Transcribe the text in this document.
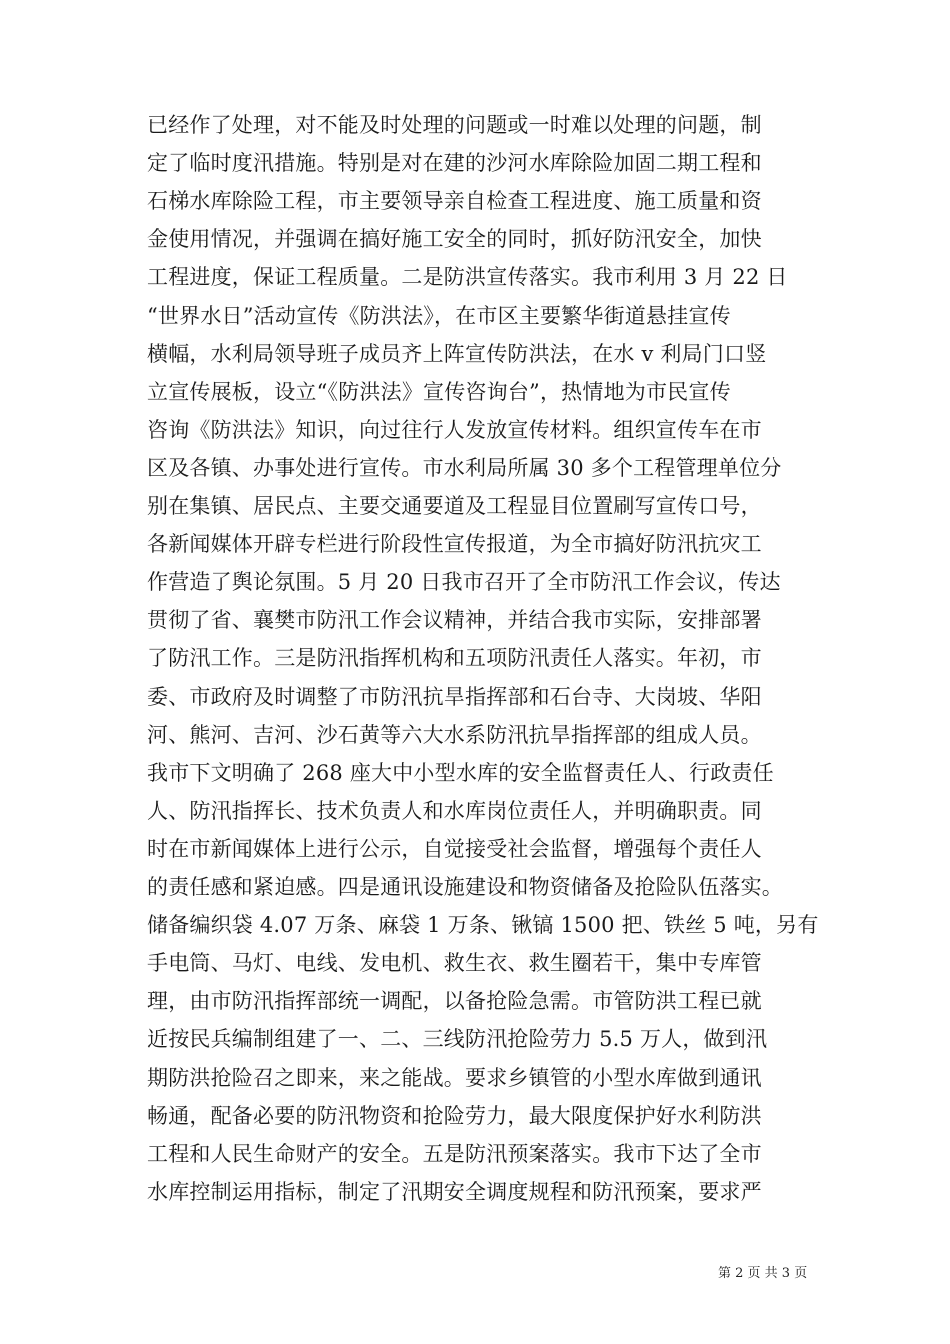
已经作了处理，对不能及时处理的问题或一时难以处理的问题，制
定了临时度汛措施。特别是对在建的沙河水库除险加固二期工程和
石梯水库除险工程，市主要领导亲自检查工程进度、施工质量和资
金使用情况，并强调在搞好施工安全的同时，抓好防汛安全，加快
工程进度，保证工程质量。二是防洪宣传落实。我市利用 3 月 22 日
“世界水日”活动宣传《防洪法》，在市区主要繁华街道悬挂宣传
横幅，水利局领导班子成员齐上阵宣传防洪法，在水 v 利局门口竖
立宣传展板，设立“《防洪法》宣传咨询台”，热情地为市民宣传
咨询《防洪法》知识，向过往行人发放宣传材料。组织宣传车在市
区及各镇、办事处进行宣传。市水利局所属 30 多个工程管理单位分
别在集镇、居民点、主要交通要道及工程显目位置刷写宣传口号，
各新闻媒体开辟专栏进行阶段性宣传报道，为全市搞好防汛抗灾工
作营造了舆论氛围。5 月 20 日我市召开了全市防汛工作会议，传达
贯彻了省、襄樊市防汛工作会议精神，并结合我市实际，安排部署
了防汛工作。三是防汛指挥机构和五项防汛责任人落实。年初，市
委、市政府及时调整了市防汛抗旱指挥部和石台寺、大岗坡、华阳
河、熊河、吉河、沙石黄等六大水系防汛抗旱指挥部的组成人员。
我市下文明确了 268 座大中小型水库的安全监督责任人、行政责任
人、防汛指挥长、技术负责人和水库岗位责任人，并明确职责。同
时在市新闻媒体上进行公示，自觉接受社会监督，增强每个责任人
的责任感和紧迫感。四是通讯设施建设和物资储备及抢险队伍落实。
储备编织袋 4.07 万条、麻袋 1 万条、锹镐 1500 把、铁丝 5 吨，另有
手电筒、马灯、电线、发电机、救生衣、救生圈若干，集中专库管
理，由市防汛指挥部统一调配，以备抢险急需。市管防洪工程已就
近按民兵编制组建了一、二、三线防汛抢险劳力 5.5 万人，做到汛
期防洪抢险召之即来，来之能战。要求乡镇管的小型水库做到通讯
畅通，配备必要的防汛物资和抢险劳力，最大限度保护好水利防洪
工程和人民生命财产的安全。五是防汛预案落实。我市下达了全市
水库控制运用指标，制定了汛期安全调度规程和防汛预案，要求严
第 2 页 共 3 页
